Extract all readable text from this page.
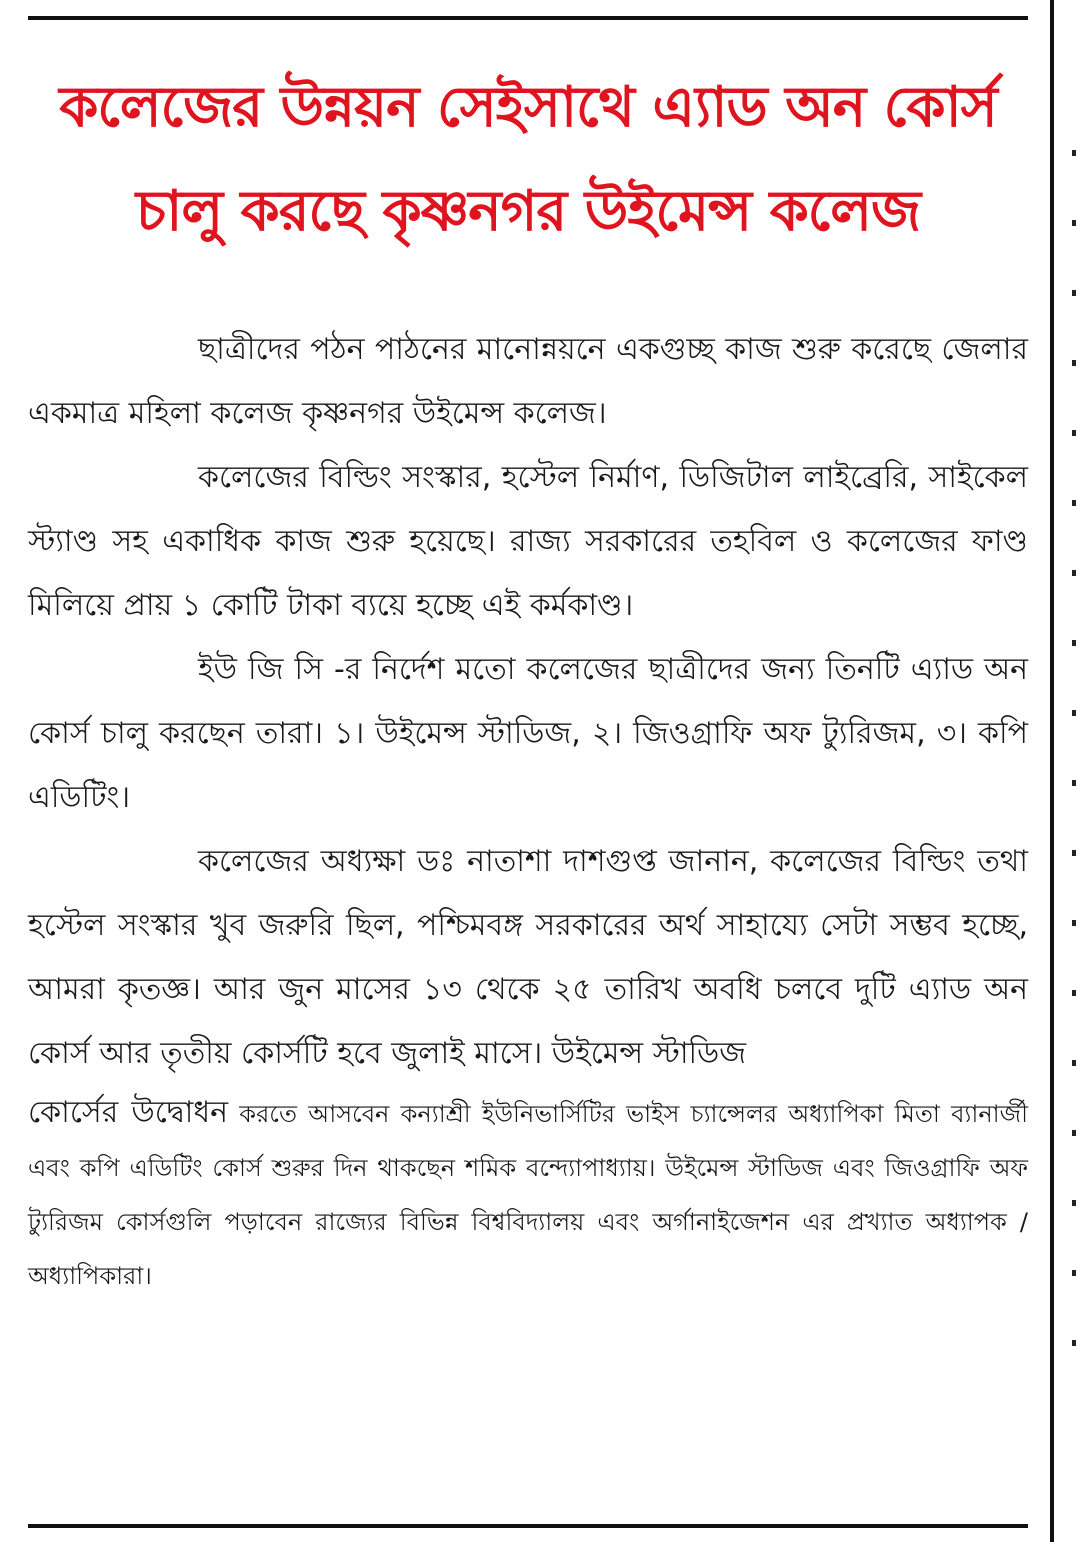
কলেজের উন্নয়ন সেইসাথে এ্যাড অন কোর্স
চালু করছে কৃষ্ণনগর উইমেন্স কলেজ

ছাত্রীদের পঠন পাঠনের মানোন্নয়নে একগুচ্ছ কাজ শুরু করেছে জেলার একমাত্র মহিলা কলেজ কৃষ্ণনগর উইমেন্স কলেজ।

কলেজের বিল্ডিং সংস্কার, হস্টেল নির্মাণ, ডিজিটাল লাইব্রেরি, সাইকেল স্ট্যাণ্ড সহ একাধিক কাজ শুরু হয়েছে। রাজ্য সরকারের তহবিল ও কলেজের ফাণ্ড মিলিয়ে প্রায় ১ কোটি টাকা ব্যয়ে হচ্ছে এই কর্মকাণ্ড।

ইউ জি সি -র নির্দেশ মতো কলেজের ছাত্রীদের জন্য তিনটি এ্যাড অন কোর্স চালু করছেন তারা। ১। উইমেন্স স্টাডিজ, ২। জিওগ্রাফি অফ ট্যুরিজম, ৩। কপি এডিটিং।

কলেজের অধ্যক্ষা ডঃ নাতাশা দাশগুপ্ত জানান, কলেজের বিল্ডিং তথা হস্টেল সংস্কার খুব জরুরি ছিল, পশ্চিমবঙ্গ সরকারের অর্থ সাহায্যে সেটা সম্ভব হচ্ছে, আমরা কৃতজ্ঞ। আর জুন মাসের ১৩ থেকে ২৫ তারিখ অবধি চলবে দুটি এ্যাড অন কোর্স আর তৃতীয় কোর্সটি হবে জুলাই মাসে। উইমেন্স স্টাডিজ

কোর্সের উদ্বোধন করতে আসবেন কন্যাশ্রী ইউনিভার্সিটির ভাইস চ্যান্সেলর অধ্যাপিকা মিতা ব্যানার্জী এবং কপি এডিটিং কোর্স শুরুর দিন থাকছেন শমিক বন্দ্যোপাধ্যায়। উইমেন্স স্টাডিজ এবং জিওগ্রাফি অফ ট্যুরিজম কোর্সগুলি পড়াবেন রাজ্যের বিভিন্ন বিশ্ববিদ্যালয় এবং অর্গানাইজেশন এর প্রখ্যাত অধ্যাপক / অধ্যাপিকারা।
